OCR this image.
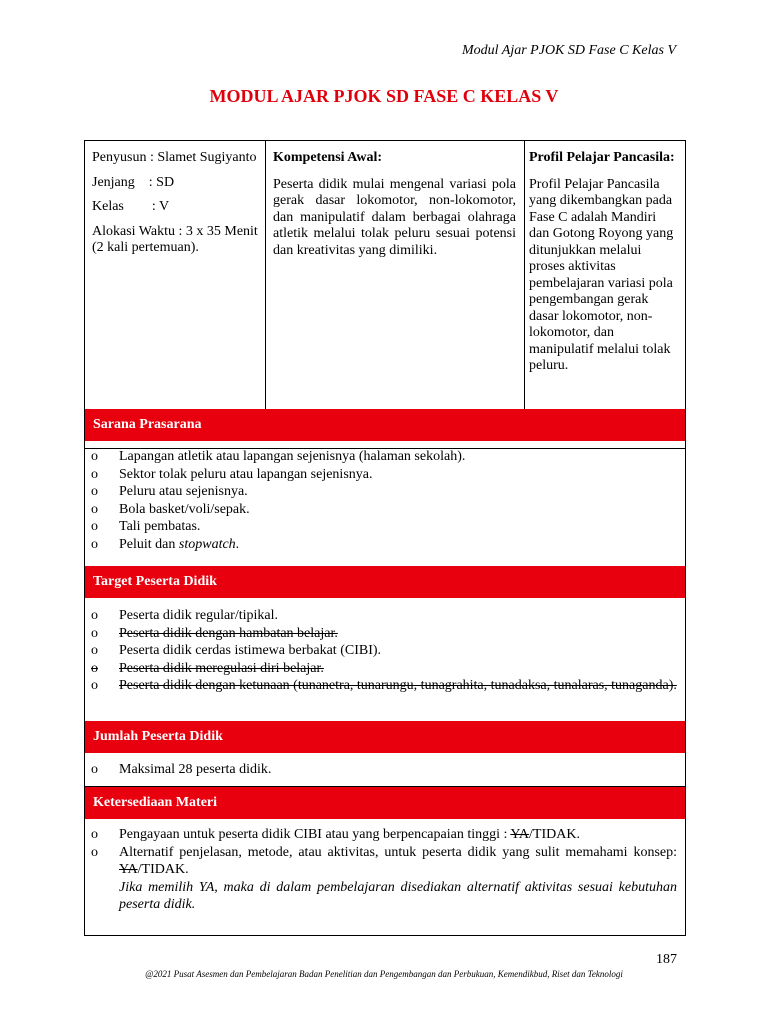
Modul Ajar PJOK SD Fase C Kelas V
MODUL AJAR PJOK SD FASE C KELAS V

Penyusun : Slamet Sugiyanto

Jenjang    : SD

Kelas        : V

Alokasi Waktu : 3 x 35 Menit (2 kali pertemuan).

Kompetensi Awal:
Peserta didik mulai mengenal variasi pola gerak dasar lokomotor, non-lokomotor, dan manipulatif dalam berbagai olahraga atletik melalui tolak peluru sesuai potensi dan kreativitas yang dimiliki.
Profil Pelajar Pancasila:
Profil Pelajar Pancasila yang dikembangkan pada Fase C adalah Mandiri dan Gotong Royong yang ditunjukkan melalui proses aktivitas pembelajaran variasi pola pengembangan gerak dasar lokomotor, non-lokomotor, dan manipulatif melalui tolak peluru.
Sarana Prasarana
o Lapangan atletik atau lapangan sejenisnya (halaman sekolah).
o Sektor tolak peluru atau lapangan sejenisnya.
o Peluru atau sejenisnya.
o Bola basket/voli/sepak.
o Tali pembatas.
o Peluit dan stopwatch.
Target Peserta Didik
o Peserta didik regular/tipikal.
o Peserta didik dengan hambatan belajar.
o Peserta didik cerdas istimewa berbakat (CIBI).
o Peserta didik meregulasi diri belajar.
o Peserta didik dengan ketunaan (tunanetra, tunarungu, tunagrahita, tunadaksa, tunalaras, tunaganda).
Jumlah Peserta Didik
o Maksimal 28 peserta didik.
Ketersediaan Materi
o Pengayaan untuk peserta didik CIBI atau yang berpencapaian tinggi : YA/TIDAK.
o Alternatif penjelasan, metode, atau aktivitas, untuk peserta didik yang sulit memahami konsep: YA/TIDAK.
Jika memilih YA, maka di dalam pembelajaran disediakan alternatif aktivitas sesuai kebutuhan peserta didik.
187
@2021 Pusat Asesmen dan Pembelajaran Badan Penelitian dan Pengembangan dan Perbukuan, Kemendikbud, Riset dan Teknologi
